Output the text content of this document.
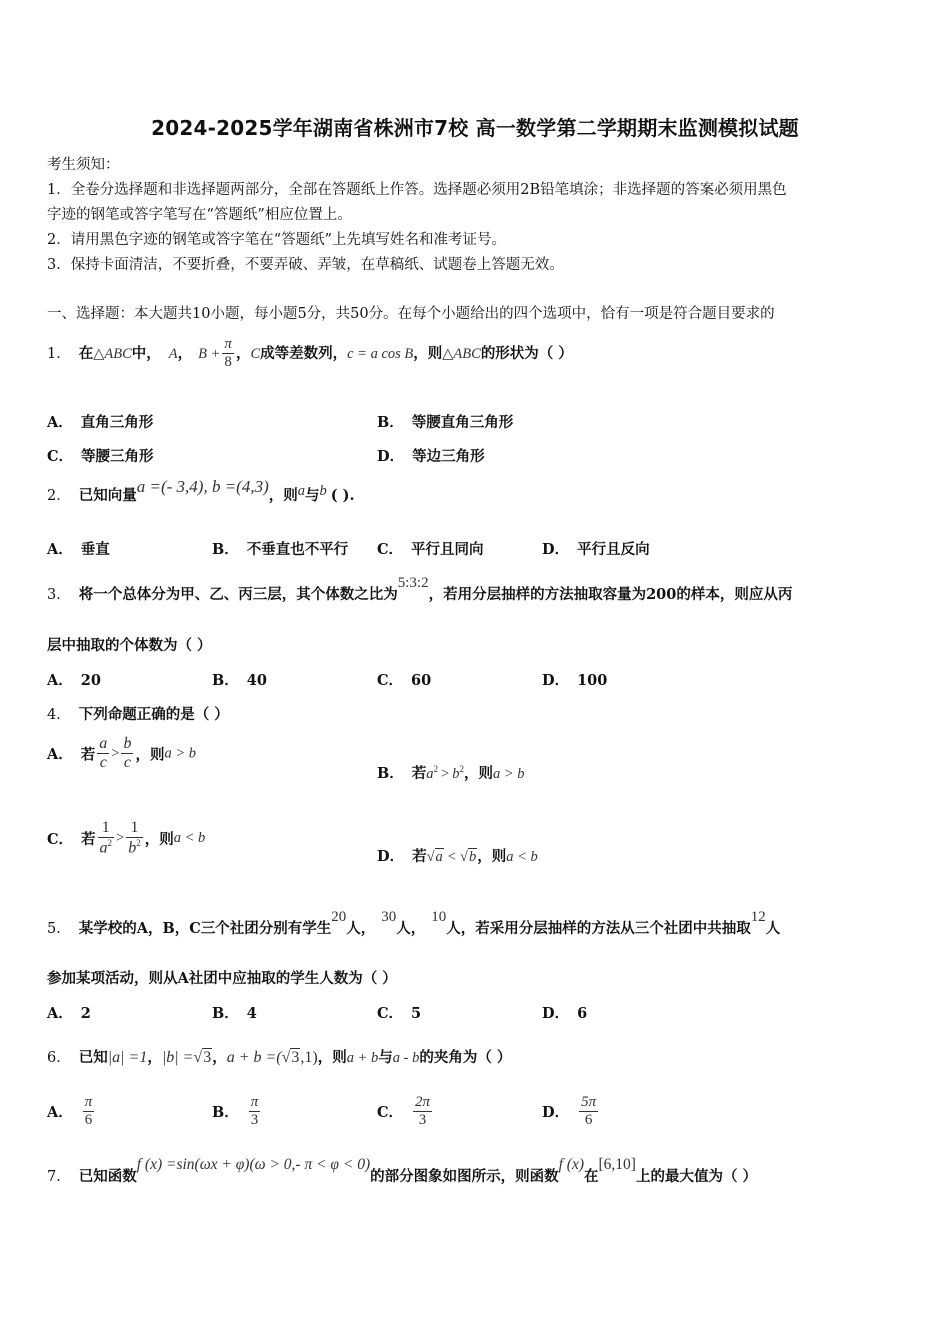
2024-2025学年湖南省株洲市7校 高一数学第二学期期末监测模拟试题
考生须知：
1．全卷分选择题和非选择题两部分，全部在答题纸上作答。选择题必须用2B铅笔填涂；非选择题的答案必须用黑色
字迹的钢笔或答字笔写在“答题纸”相应位置上。
2．请用黑色字迹的钢笔或答字笔在“答题纸”上先填写姓名和准考证号。
3．保持卡面清洁，不要折叠，不要弄破、弄皱，在草稿纸、试题卷上答题无效。
一、选择题：本大题共10小题，每小题5分，共50分。在每个小题给出的四个选项中，恰有一项是符合题目要求的
1． 在△ABC中， A， $B + \frac{\pi}{8}$ ，C成等差数列，c = a cos B，则△ABC的形状为（ ）
A． 直角三角形	B． 等腰直角三角形
C． 等腰三角形	D． 等边三角形
2． 已知向量a =(- 3,4), b =(4,3)，则a与b ( ).
A． 垂直	B． 不垂直也不平行 C． 平行且同向	D． 平行且反向
3． 将一个总体分为甲、乙、丙三层，其个体数之比为5:3:2，若用分层抽样的方法抽取容量为200的样本，则应从丙
层中抽取的个体数为（ ）
A． 20	B． 40	C． 60	D． 100
4． 下列命题正确的是（ ）
A． 若 $\frac{a}{c} > \frac{b}{c}$ ，则a > b
B． 若$a^2 > b^2$，则a > b
C． 若 $\frac{1}{a^2} > \frac{1}{b^2}$ ，则a < b
D． 若√a < √b，则a < b
5． 某学校的A，B，C三个社团分别有学生20人，30人，10人，若采用分层抽样的方法从三个社团中共抽取12人
参加某项活动，则从A社团中应抽取的学生人数为（ ）
A． 2	B． 4	C． 5	D． 6
6． 已知|a| =1，|b| =√3，a + b =(√3,1)，则a + b与a - b的夹角为（ ）
A． $\frac{\pi}{6}$	B． $\frac{\pi}{3}$	C． $\frac{2\pi}{3}$	D． $\frac{5\pi}{6}$
7． 已知函数f (x) =sin(ωx + φ)(ω > 0,- π < φ < 0)的部分图象如图所示，则函数f (x)在[6,10]上的最大值为（ ）
